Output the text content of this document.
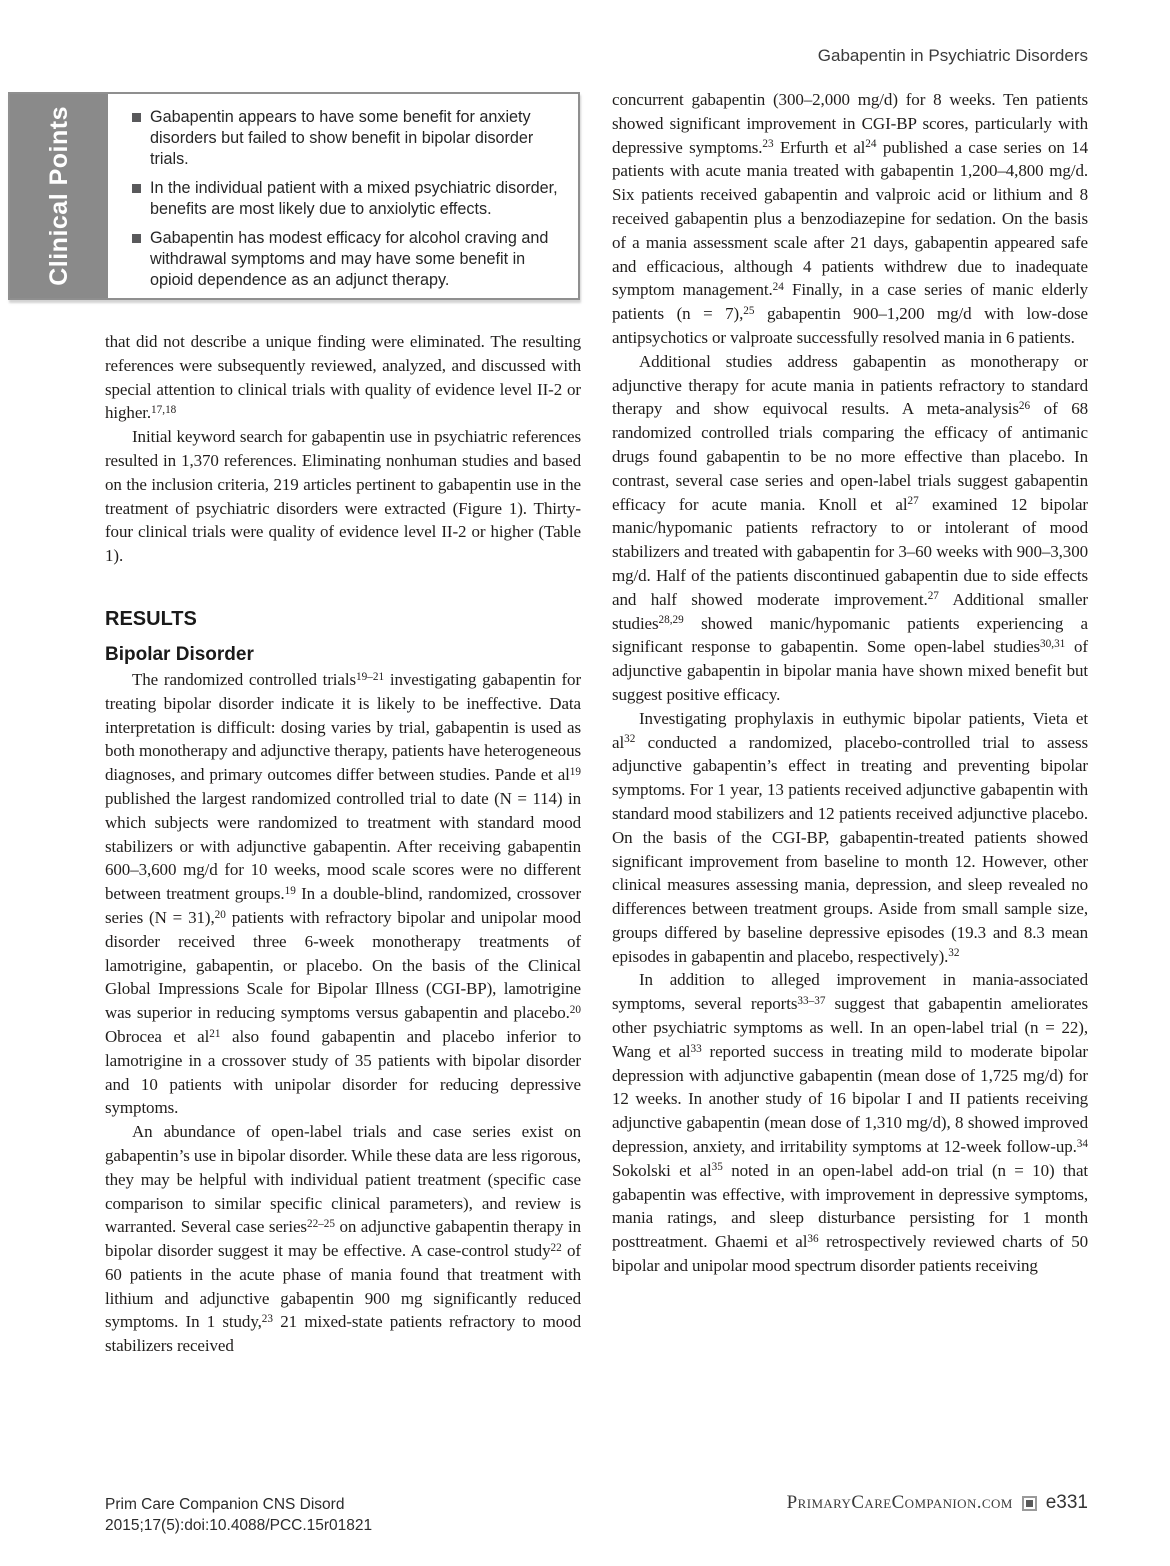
Gabapentin in Psychiatric Disorders
Clinical Points	Gabapentin appears to have some benefit for anxiety disorders but failed to show benefit in bipolar disorder trials.
In the individual patient with a mixed psychiatric disorder, benefits are most likely due to anxiolytic effects.
Gabapentin has modest efficacy for alcohol craving and withdrawal symptoms and may have some benefit in opioid dependence as an adjunct therapy.

that did not describe a unique finding were eliminated. The resulting references were subsequently reviewed, analyzed, and discussed with special attention to clinical trials with quality of evidence level II-2 or higher.$^{17,18}$

Initial keyword search for gabapentin use in psychiatric references resulted in 1,370 references. Eliminating nonhuman studies and based on the inclusion criteria, 219 articles pertinent to gabapentin use in the treatment of psychiatric disorders were extracted (Figure 1). Thirty-four clinical trials were quality of evidence level II-2 or higher (Table 1).

RESULTS
Bipolar Disorder

The randomized controlled trials$^{19-21}$ investigating gabapentin for treating bipolar disorder indicate it is likely to be ineffective. Data interpretation is difficult: dosing varies by trial, gabapentin is used as both monotherapy and adjunctive therapy, patients have heterogeneous diagnoses, and primary outcomes differ between studies. Pande et $al^{19}$ published the largest randomized controlled trial to date (N = 114) in which subjects were randomized to treatment with standard mood stabilizers or with adjunctive gabapentin. After receiving gabapentin 600–3,600 mg/d for 10 weeks, mood scale scores were no different between treatment groups.$^{19}$ In a double-blind, randomized, crossover series (N = 31),$^{20}$ patients with refractory bipolar and unipolar mood disorder received three 6-week monotherapy treatments of lamotrigine, gabapentin, or placebo. On the basis of the Clinical Global Impressions Scale for Bipolar Illness (CGI-BP), lamotrigine was superior in reducing symptoms versus gabapentin and placebo.$^{20}$ Obrocea et $al^{21}$ also found gabapentin and placebo inferior to lamotrigine in a crossover study of 35 patients with bipolar disorder and 10 patients with unipolar disorder for reducing depressive symptoms.

An abundance of open-label trials and case series exist on gabapentin’s use in bipolar disorder. While these data are less rigorous, they may be helpful with individual patient treatment (specific case comparison to similar specific clinical parameters), and review is warranted. Several case series$^{22-25}$ on adjunctive gabapentin therapy in bipolar disorder suggest it may be effective. A case-control study$^{22}$ of 60 patients in the acute phase of mania found that treatment with lithium and adjunctive gabapentin 900 mg significantly reduced symptoms. In 1 study,$^{23}$ 21 mixed-state patients refractory to mood stabilizers received

concurrent gabapentin (300–2,000 mg/d) for 8 weeks. Ten patients showed significant improvement in CGI-BP scores, particularly with depressive symptoms.$^{23}$ Erfurth et $al^{24}$ published a case series on 14 patients with acute mania treated with gabapentin 1,200–4,800 mg/d. Six patients received gabapentin and valproic acid or lithium and 8 received gabapentin plus a benzodiazepine for sedation. On the basis of a mania assessment scale after 21 days, gabapentin appeared safe and efficacious, although 4 patients withdrew due to inadequate symptom management.$^{24}$ Finally, in a case series of manic elderly patients (n = 7),$^{25}$ gabapentin 900–1,200 mg/d with low-dose antipsychotics or valproate successfully resolved mania in 6 patients.

Additional studies address gabapentin as monotherapy or adjunctive therapy for acute mania in patients refractory to standard therapy and show equivocal results. A meta-analysis$^{26}$ of 68 randomized controlled trials comparing the efficacy of antimanic drugs found gabapentin to be no more effective than placebo. In contrast, several case series and open-label trials suggest gabapentin efficacy for acute mania. Knoll et $al^{27}$ examined 12 bipolar manic/hypomanic patients refractory to or intolerant of mood stabilizers and treated with gabapentin for 3–60 weeks with 900–3,300 mg/d. Half of the patients discontinued gabapentin due to side effects and half showed moderate improvement.$^{27}$ Additional smaller studies$^{28,29}$ showed manic/hypomanic patients experiencing a significant response to gabapentin. Some open-label studies$^{30,31}$ of adjunctive gabapentin in bipolar mania have shown mixed benefit but suggest positive efficacy.

Investigating prophylaxis in euthymic bipolar patients, Vieta et $al^{32}$ conducted a randomized, placebo-controlled trial to assess adjunctive gabapentin’s effect in treating and preventing bipolar symptoms. For 1 year, 13 patients received adjunctive gabapentin with standard mood stabilizers and 12 patients received adjunctive placebo. On the basis of the CGI-BP, gabapentin-treated patients showed significant improvement from baseline to month 12. However, other clinical measures assessing mania, depression, and sleep revealed no differences between treatment groups. Aside from small sample size, groups differed by baseline depressive episodes (19.3 and 8.3 mean episodes in gabapentin and placebo, respectively).$^{32}$

In addition to alleged improvement in mania-associated symptoms, several reports$^{33-37}$ suggest that gabapentin ameliorates other psychiatric symptoms as well. In an open-label trial (n = 22), Wang et $al^{33}$ reported success in treating mild to moderate bipolar depression with adjunctive gabapentin (mean dose of 1,725 mg/d) for 12 weeks. In another study of 16 bipolar I and II patients receiving adjunctive gabapentin (mean dose of 1,310 mg/d), 8 showed improved depression, anxiety, and irritability symptoms at 12-week follow-up.$^{34}$ Sokolski et $al^{35}$ noted in an open-label add-on trial (n = 10) that gabapentin was effective, with improvement in depressive symptoms, mania ratings, and sleep disturbance persisting for 1 month posttreatment. Ghaemi et $al^{36}$ retrospectively reviewed charts of 50 bipolar and unipolar mood spectrum disorder patients receiving

Prim Care Companion CNS Disord
2015;17(5):doi:10.4088/PCC.15r01821
PrimaryCareCompanion.com e331
